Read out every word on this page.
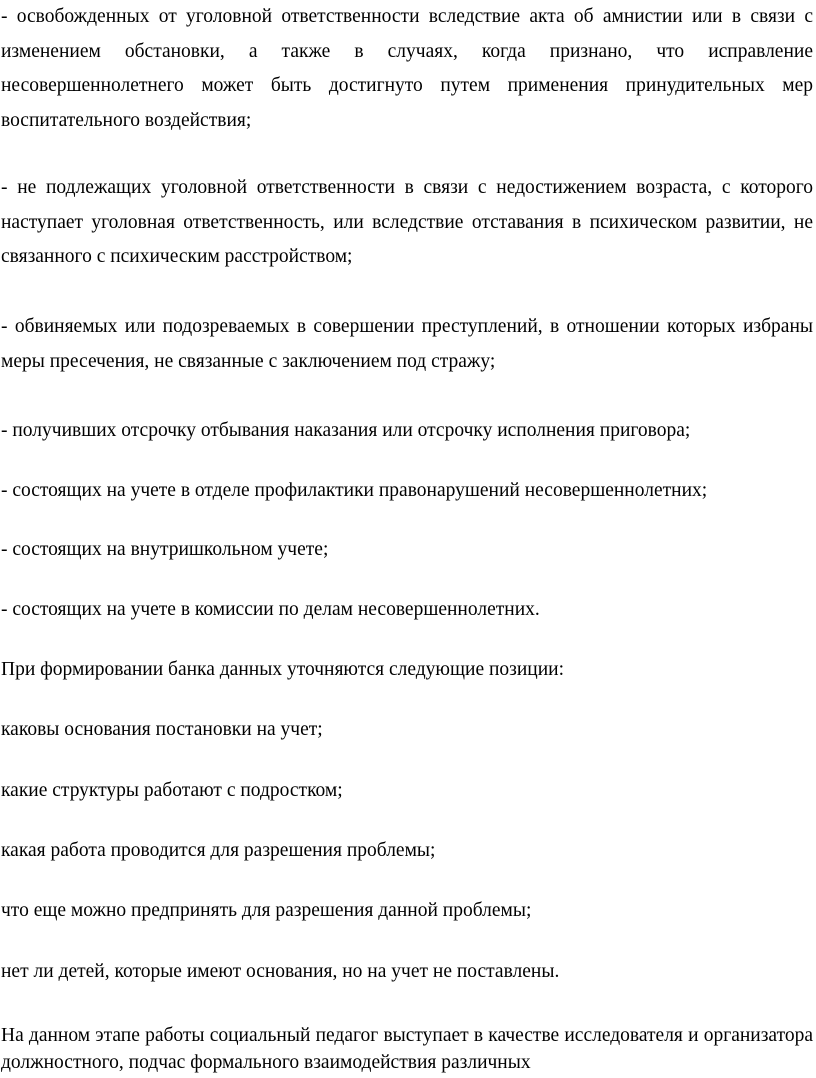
- освобожденных от уголовной ответственности вследствие акта об амнистии или в связи с изменением обстановки, а также в случаях, когда признано, что исправление несовершеннолетнего может быть достигнуто путем применения принудительных мер воспитательного воздействия;

- не подлежащих уголовной ответственности в связи с недостижением возраста, с которого наступает уголовная ответственность, или вследствие отставания в психическом развитии, не связанного с психическим расстройством;

- обвиняемых или подозреваемых в совершении преступлений, в отношении которых избраны меры пресечения, не связанные с заключением под стражу;

- получивших отсрочку отбывания наказания или отсрочку исполнения приговора;

- состоящих на учете в отделе профилактики правонарушений несовершеннолетних;

- состоящих на внутришкольном учете;

- состоящих на учете в комиссии по делам несовершеннолетних.

При формировании банка данных уточняются следующие позиции:

каковы основания постановки на учет;

какие структуры работают с подростком;

какая работа проводится для разрешения проблемы;

что еще можно предпринять для разрешения данной проблемы;

нет ли детей, которые имеют основания, но на учет не поставлены.

На данном этапе работы социальный педагог выступает в качестве исследователя и организатора должностного, подчас формального взаимодействия различных
